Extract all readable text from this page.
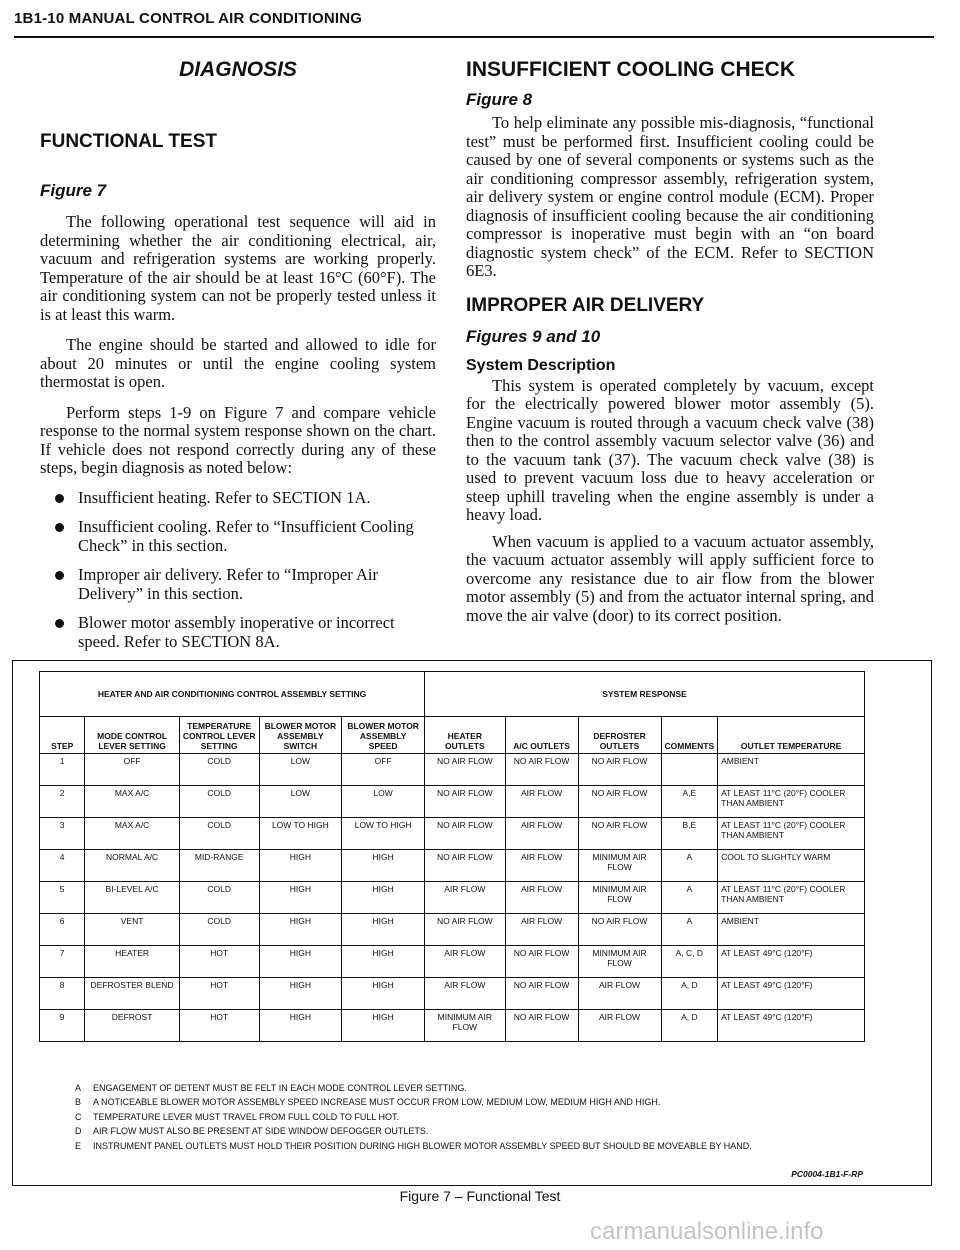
1B1-10 MANUAL CONTROL AIR CONDITIONING
DIAGNOSIS
FUNCTIONAL TEST
Figure 7

The following operational test sequence will aid in determining whether the air conditioning electrical, air, vacuum and refrigeration systems are working properly. Temperature of the air should be at least 16°C (60°F). The air conditioning system can not be properly tested unless it is at least this warm.

The engine should be started and allowed to idle for about 20 minutes or until the engine cooling system thermostat is open.

Perform steps 1-9 on Figure 7 and compare vehicle response to the normal system response shown on the chart. If vehicle does not respond correctly during any of these steps, begin diagnosis as noted below:

Insufficient heating. Refer to SECTION 1A.
Insufficient cooling. Refer to “Insufficient Cooling Check” in this section.
Improper air delivery. Refer to “Improper Air Delivery” in this section.
Blower motor assembly inoperative or incorrect speed. Refer to SECTION 8A.
INSUFFICIENT COOLING CHECK
Figure 8

To help eliminate any possible mis-diagnosis, “functional test” must be performed first. Insufficient cooling could be caused by one of several components or systems such as the air conditioning compressor assembly, refrigeration system, air delivery system or engine control module (ECM). Proper diagnosis of insufficient cooling because the air conditioning compressor is inoperative must begin with an “on board diagnostic system check” of the ECM. Refer to SECTION 6E3.

IMPROPER AIR DELIVERY
Figures 9 and 10
System Description

This system is operated completely by vacuum, except for the electrically powered blower motor assembly (5). Engine vacuum is routed through a vacuum check valve (38) then to the control assembly vacuum selector valve (36) and to the vacuum tank (37). The vacuum check valve (38) is used to prevent vacuum loss due to heavy acceleration or steep uphill traveling when the engine assembly is under a heavy load.

When vacuum is applied to a vacuum actuator assembly, the vacuum actuator assembly will apply sufficient force to overcome any resistance due to air flow from the blower motor assembly (5) and from the actuator internal spring, and move the air valve (door) to its correct position.

HEATER AND AIR CONDITIONING CONTROL ASSEMBLY SETTING					SYSTEM RESPONSE				
STEP	MODE CONTROL LEVER SETTING	TEMPERATURE CONTROL LEVER SETTING	BLOWER MOTOR ASSEMBLY SWITCH	BLOWER MOTOR ASSEMBLY SPEED	HEATER OUTLETS	A/C OUTLETS	DEFROSTER OUTLETS	COMMENTS	OUTLET TEMPERATURE
1	OFF	COLD	LOW	OFF	NO AIR FLOW	NO AIR FLOW	NO AIR FLOW		AMBIENT
2	MAX A/C	COLD	LOW	LOW	NO AIR FLOW	AIR FLOW	NO AIR FLOW	A,E	AT LEAST 11°C (20°F) COOLER THAN AMBIENT
3	MAX A/C	COLD	LOW TO HIGH	LOW TO HIGH	NO AIR FLOW	AIR FLOW	NO AIR FLOW	B,E	AT LEAST 11°C (20°F) COOLER THAN AMBIENT
4	NORMAL A/C	MID-RANGE	HIGH	HIGH	NO AIR FLOW	AIR FLOW	MINIMUM AIR FLOW	A	COOL TO SLIGHTLY WARM
5	BI-LEVEL A/C	COLD	HIGH	HIGH	AIR FLOW	AIR FLOW	MINIMUM AIR FLOW	A	AT LEAST 11°C (20°F) COOLER THAN AMBIENT
6	VENT	COLD	HIGH	HIGH	NO AIR FLOW	AIR FLOW	NO AIR FLOW	A	AMBIENT
7	HEATER	HOT	HIGH	HIGH	AIR FLOW	NO AIR FLOW	MINIMUM AIR FLOW	A, C, D	AT LEAST 49°C (120°F)
8	DEFROSTER BLEND	HOT	HIGH	HIGH	AIR FLOW	NO AIR FLOW	AIR FLOW	A, D	AT LEAST 49°C (120°F)
9	DEFROST	HOT	HIGH	HIGH	MINIMUM AIR FLOW	NO AIR FLOW	AIR FLOW	A, D	AT LEAST 49°C (120°F)
A ENGAGEMENT OF DETENT MUST BE FELT IN EACH MODE CONTROL LEVER SETTING.
B A NOTICEABLE BLOWER MOTOR ASSEMBLY SPEED INCREASE MUST OCCUR FROM LOW, MEDIUM LOW, MEDIUM HIGH AND HIGH.
C TEMPERATURE LEVER MUST TRAVEL FROM FULL COLD TO FULL HOT.
D AIR FLOW MUST ALSO BE PRESENT AT SIDE WINDOW DEFOGGER OUTLETS.
E INSTRUMENT PANEL OUTLETS MUST HOLD THEIR POSITION DURING HIGH BLOWER MOTOR ASSEMBLY SPEED BUT SHOULD BE MOVEABLE BY HAND.
PC0004-1B1-F-RP
Figure 7 – Functional Test
carmanualsonline.info
